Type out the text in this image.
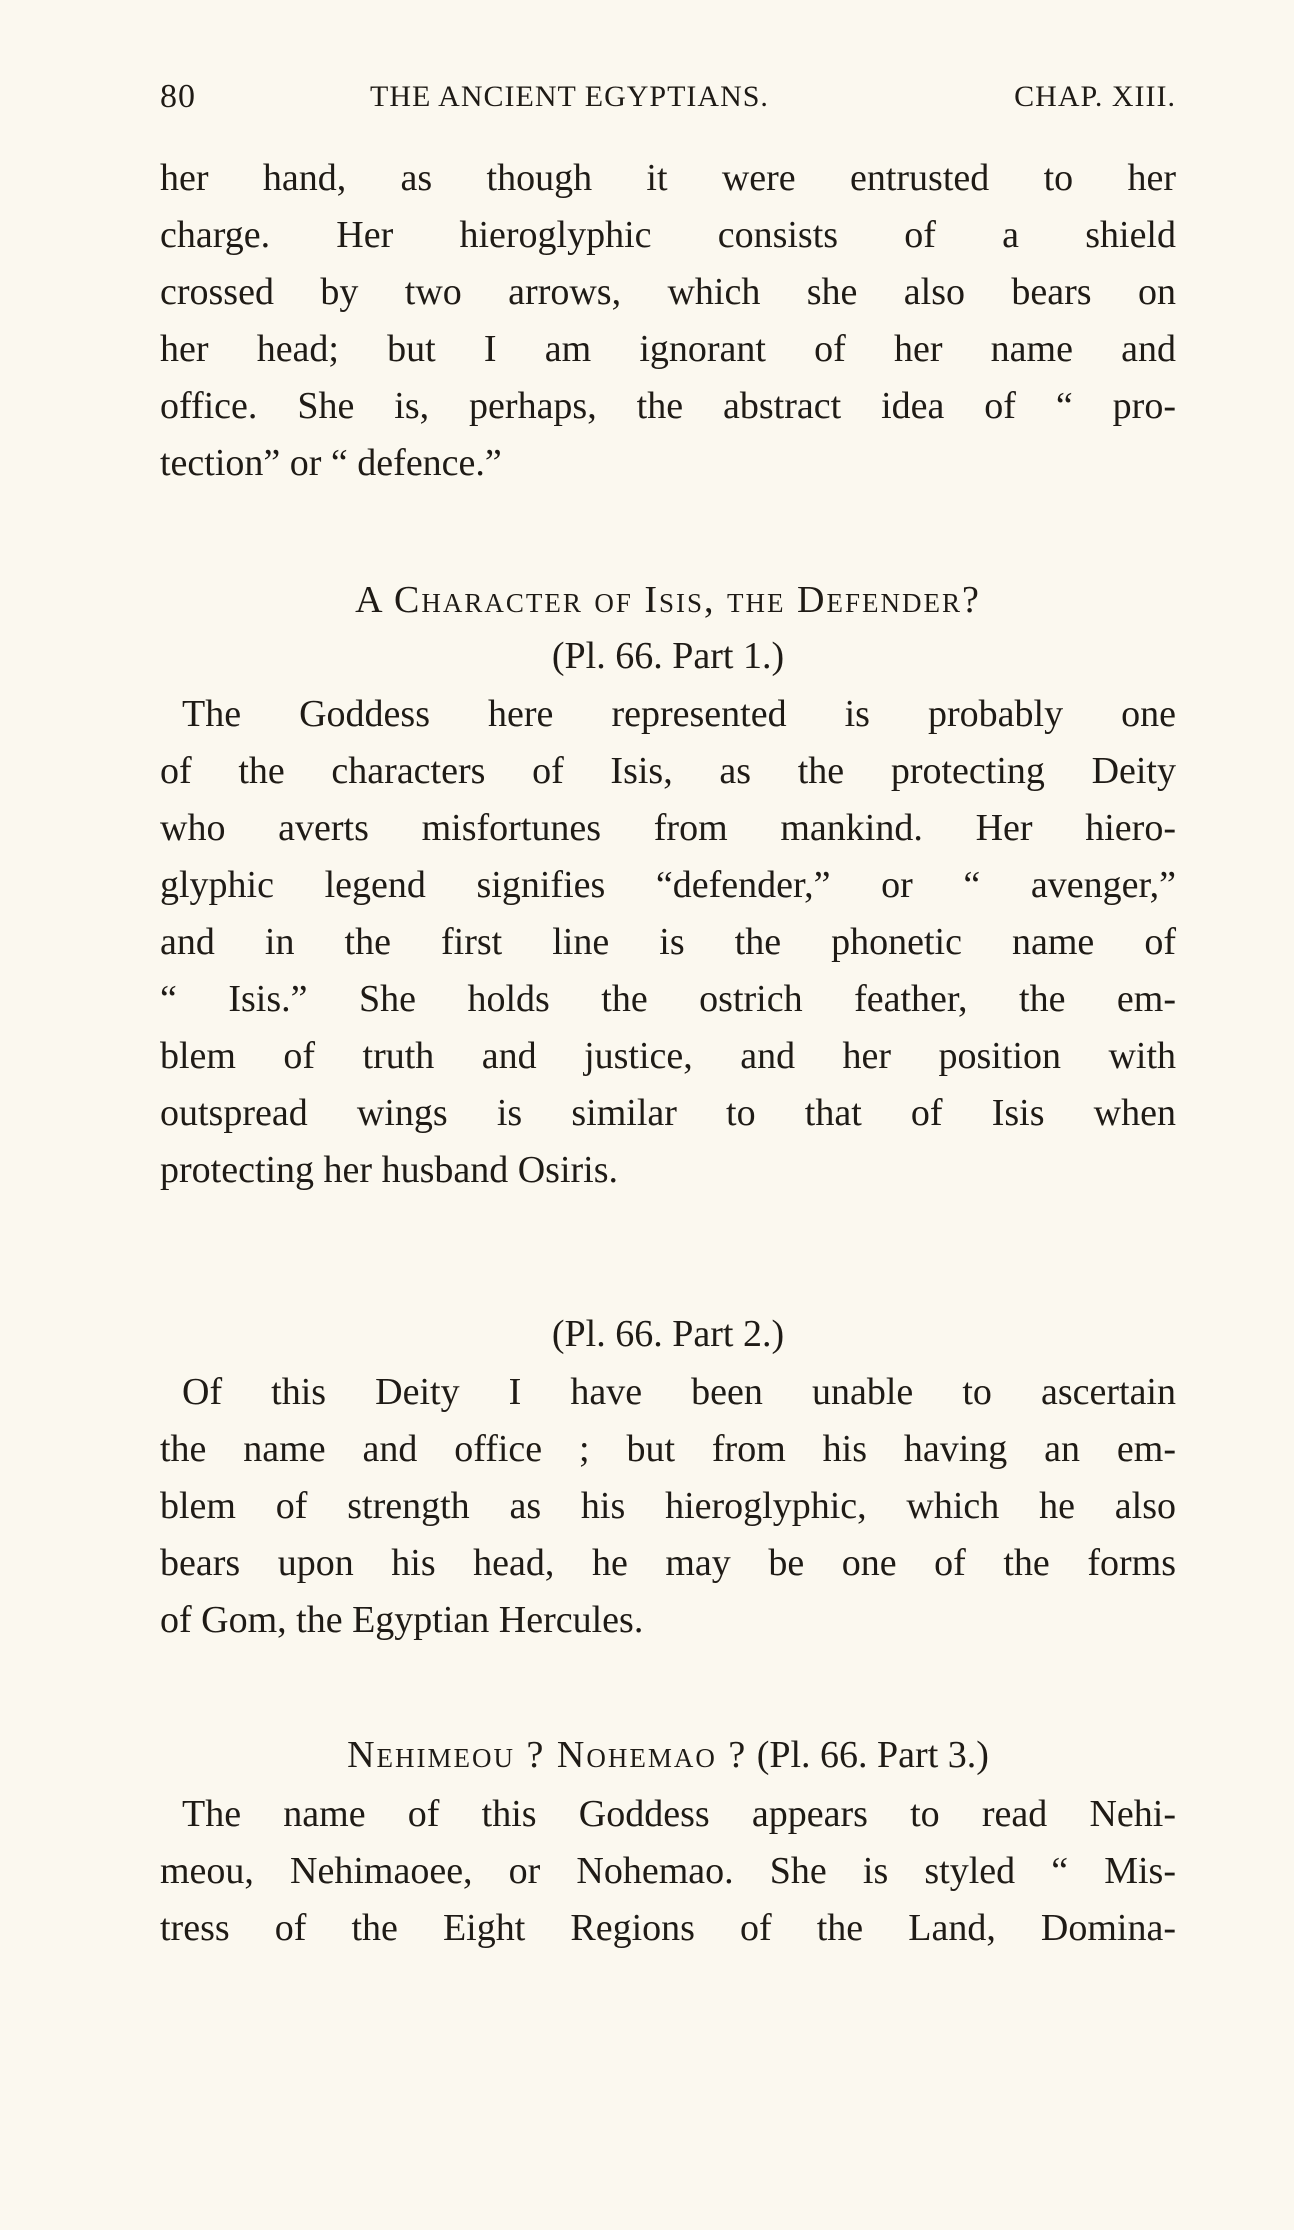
80	THE ANCIENT EGYPTIANS.	CHAP. XIII.
her hand, as though it were entrusted to her
charge. Her hieroglyphic consists of a shield
crossed by two arrows, which she also bears on
her head; but I am ignorant of her name and
office. She is, perhaps, the abstract idea of “ pro-
tection” or “ defence.”
A Character of Isis, the Defender?
(Pl. 66. Part 1.)
The Goddess here represented is probably one
of the characters of Isis, as the protecting Deity
who averts misfortunes from mankind. Her hiero-
glyphic legend signifies “defender,” or “ avenger,”
and in the first line is the phonetic name of
“ Isis.” She holds the ostrich feather, the em-
blem of truth and justice, and her position with
outspread wings is similar to that of Isis when
protecting her husband Osiris.
(Pl. 66. Part 2.)
Of this Deity I have been unable to ascertain
the name and office ; but from his having an em-
blem of strength as his hieroglyphic, which he also
bears upon his head, he may be one of the forms
of Gom, the Egyptian Hercules.
Nehimeou ? Nohemao ? (Pl. 66. Part 3.)
The name of this Goddess appears to read Nehi-
meou, Nehimaoee, or Nohemao. She is styled “ Mis-
tress of the Eight Regions of the Land, Domina-
